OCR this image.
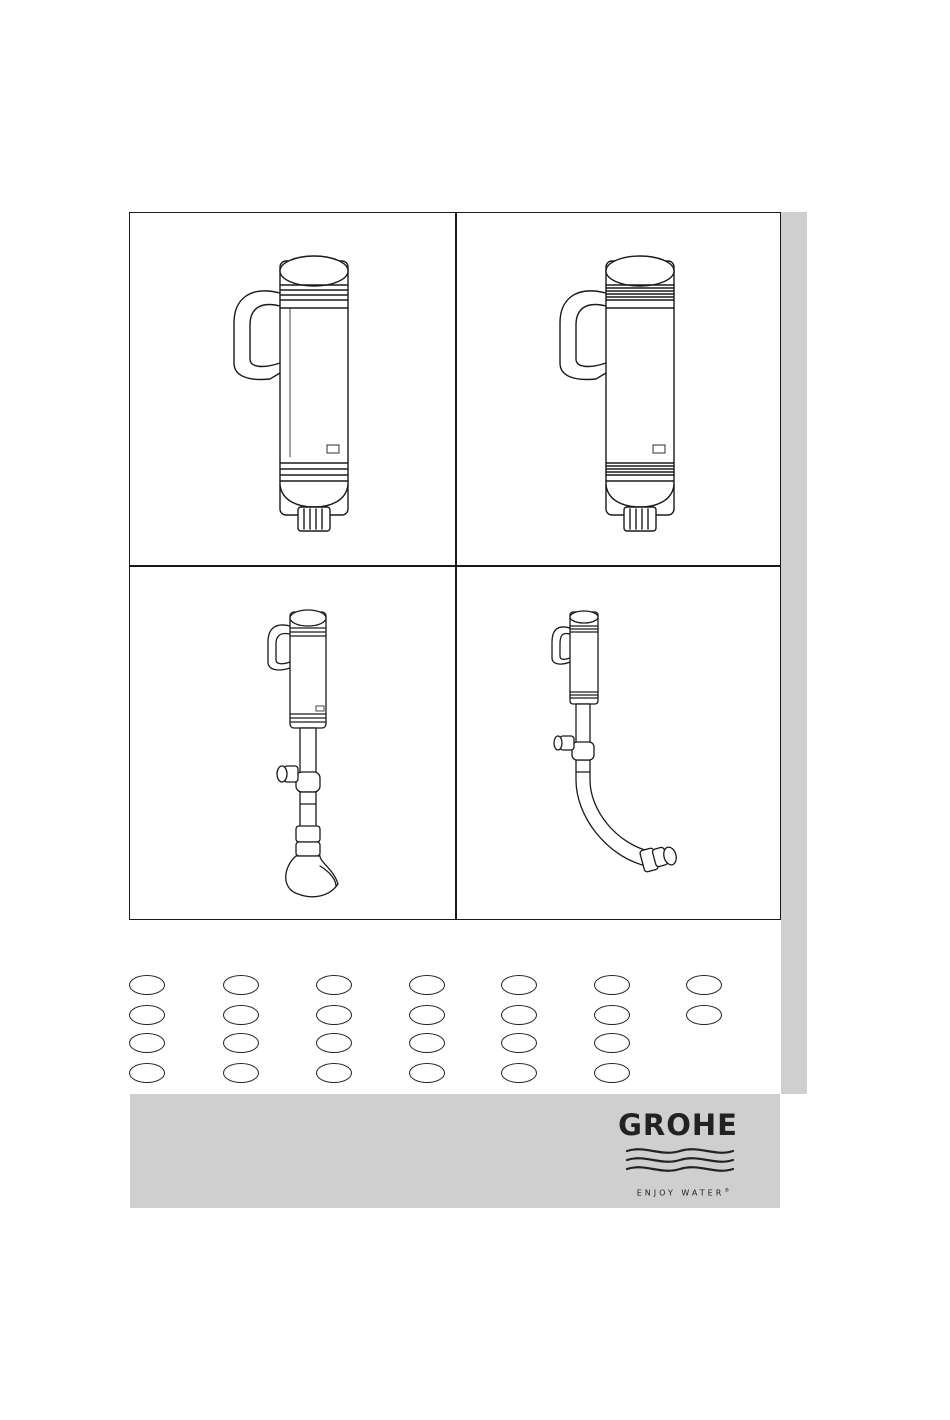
GROHE
ENJOY WATER®
